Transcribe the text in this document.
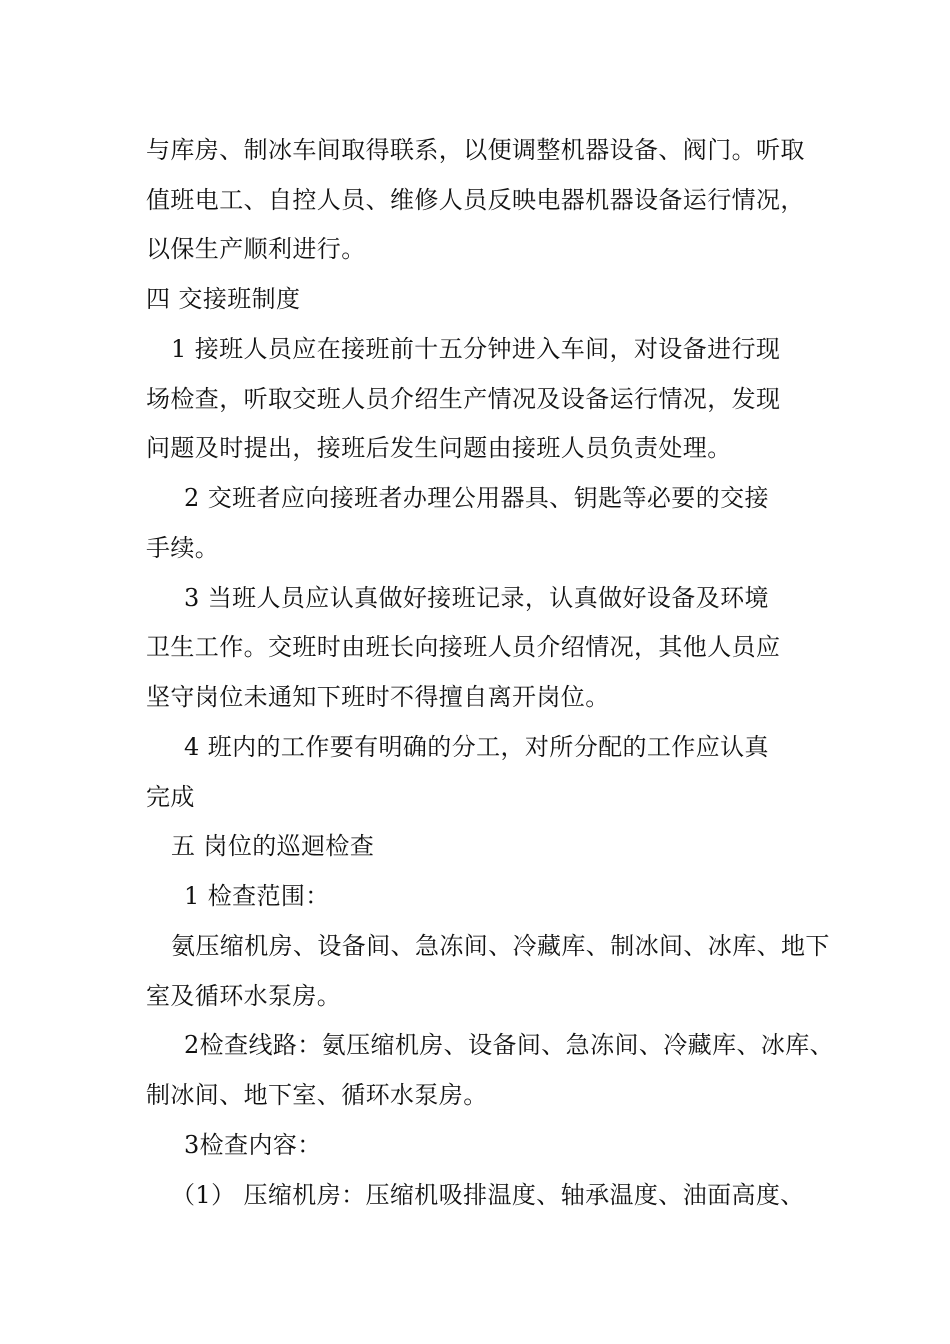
与库房、制冰车间取得联系，以便调整机器设备、阀门。听取
值班电工、自控人员、维修人员反映电器机器设备运行情况，
以保生产顺利进行。
四 交接班制度
1 接班人员应在接班前十五分钟进入车间，对设备进行现
场检查，听取交班人员介绍生产情况及设备运行情况，发现
问题及时提出，接班后发生问题由接班人员负责处理。
2 交班者应向接班者办理公用器具、钥匙等必要的交接
手续。
3 当班人员应认真做好接班记录，认真做好设备及环境
卫生工作。交班时由班长向接班人员介绍情况，其他人员应
坚守岗位未通知下班时不得擅自离开岗位。
4 班内的工作要有明确的分工，对所分配的工作应认真
完成
五 岗位的巡迴检查
1 检查范围：
氨压缩机房、设备间、急冻间、冷藏库、制冰间、冰库、地下
室及循环水泵房。
2检查线路：氨压缩机房、设备间、急冻间、冷藏库、冰库、
制冰间、地下室、循环水泵房。
3检查内容：
（1） 压缩机房：压缩机吸排温度、轴承温度、油面高度、
